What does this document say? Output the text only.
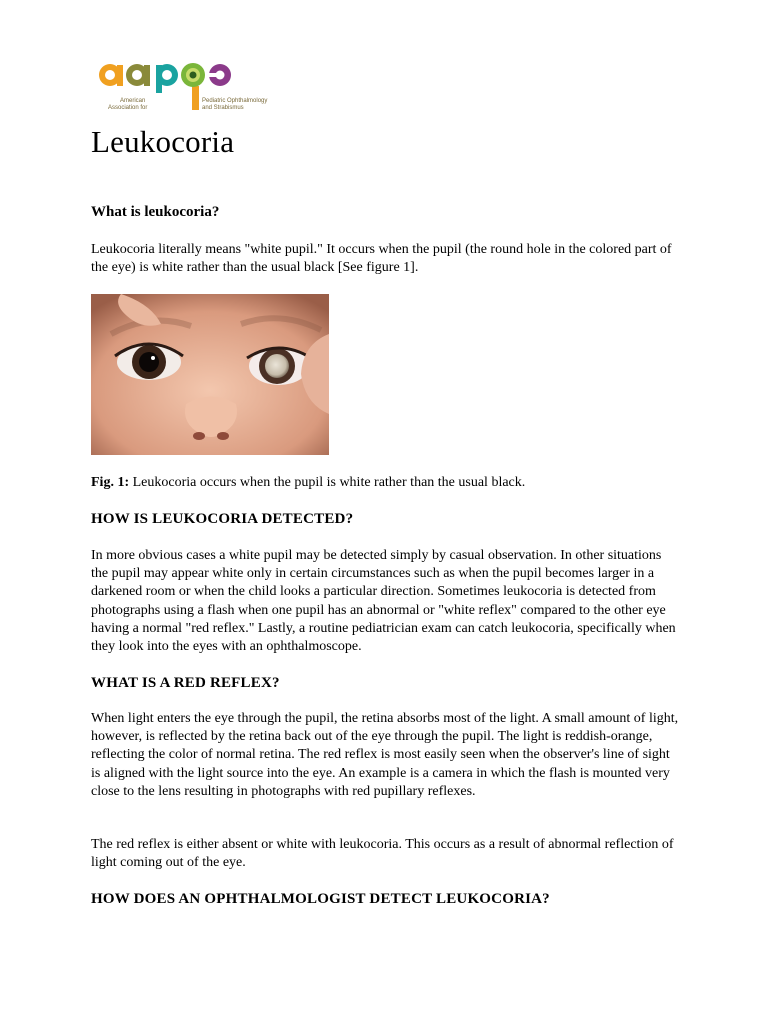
American
Association for
Pediatric Ophthalmology
and Strabismus
Leukocoria
What is leukocoria?

Leukocoria literally means "white pupil." It occurs when the pupil (the round hole in the colored part of the eye) is white rather than the usual black [See figure 1].

Fig. 1: Leukocoria occurs when the pupil is white rather than the usual black.

HOW IS LEUKOCORIA DETECTED?

In more obvious cases a white pupil may be detected simply by casual observation. In other situations the pupil may appear white only in certain circumstances such as when the pupil becomes larger in a darkened room or when the child looks a particular direction. Sometimes leukocoria is detected from photographs using a flash when one pupil has an abnormal or "white reflex" compared to the other eye having a normal "red reflex." Lastly, a routine pediatrician exam can catch leukocoria, specifically when they look into the eyes with an ophthalmoscope.

WHAT IS A RED REFLEX?

When light enters the eye through the pupil, the retina absorbs most of the light. A small amount of light, however, is reflected by the retina back out of the eye through the pupil. The light is reddish-orange, reflecting the color of normal retina. The red reflex is most easily seen when the observer's line of sight is aligned with the light source into the eye. An example is a camera in which the flash is mounted very close to the lens resulting in photographs with red pupillary reflexes.

The red reflex is either absent or white with leukocoria. This occurs as a result of abnormal reflection of light coming out of the eye.

HOW DOES AN OPHTHALMOLOGIST DETECT LEUKOCORIA?
